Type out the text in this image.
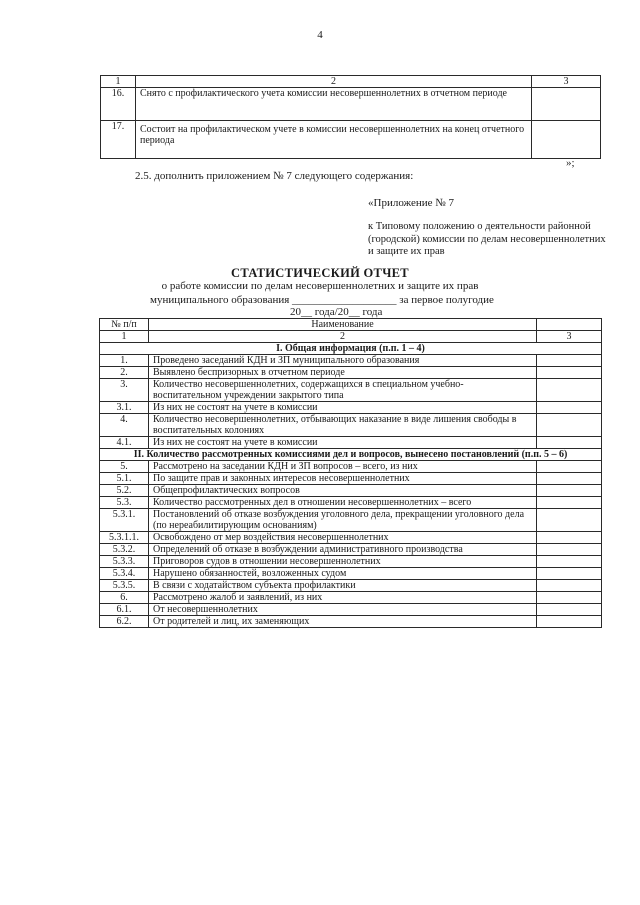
4
1	2	3
16.	Снято с профилактического учета комиссии несовершеннолетних в отчетном периоде	
17.	Состоит на профилактическом учете в комиссии несовершеннолетних на конец отчетного периода	
»;
2.5. дополнить приложением № 7 следующего содержания:
«Приложение № 7
к Типовому положению о деятельности районной (городской) комиссии по делам несовершеннолетних и защите их прав
СТАТИСТИЧЕСКИЙ ОТЧЕТ
о работе комиссии по делам несовершеннолетних и защите их прав
муниципального образования ___________________ за первое полугодие
20__ года/20__ года
№ п/п	Наименование	
1	2	3
I. Общая информация (п.п. 1 – 4)		
1.	Проведено заседаний КДН и ЗП муниципального образования	
2.	Выявлено беспризорных в отчетном периоде	
3.	Количество несовершеннолетних, содержащихся в специальном учебно-воспитательном учреждении закрытого типа	
3.1.	Из них не состоят на учете в комиссии	
4.	Количество несовершеннолетних, отбывающих наказание в виде лишения свободы в воспитательных колониях	
4.1.	Из них не состоят на учете в комиссии	
II. Количество рассмотренных комиссиями дел и вопросов, вынесено постановлений (п.п. 5 – 6)		
5.	Рассмотрено на заседании КДН и ЗП вопросов – всего, из них	
5.1.	По защите прав и законных интересов несовершеннолетних	
5.2.	Общепрофилактических вопросов	
5.3.	Количество рассмотренных дел в отношении несовершеннолетних – всего	
5.3.1.	Постановлений об отказе возбуждения уголовного дела, прекращении уголовного дела (по нереабилитирующим основаниям)	
5.3.1.1.	Освобождено от мер воздействия несовершеннолетних	
5.3.2.	Определений об отказе в возбуждении административного производства	
5.3.3.	Приговоров судов в отношении несовершеннолетних	
5.3.4.	Нарушено обязанностей, возложенных судом	
5.3.5.	В связи с ходатайством субъекта профилактики	
6.	Рассмотрено жалоб и заявлений, из них	
6.1.	От несовершеннолетних	
6.2.	От родителей и лиц, их заменяющих	
